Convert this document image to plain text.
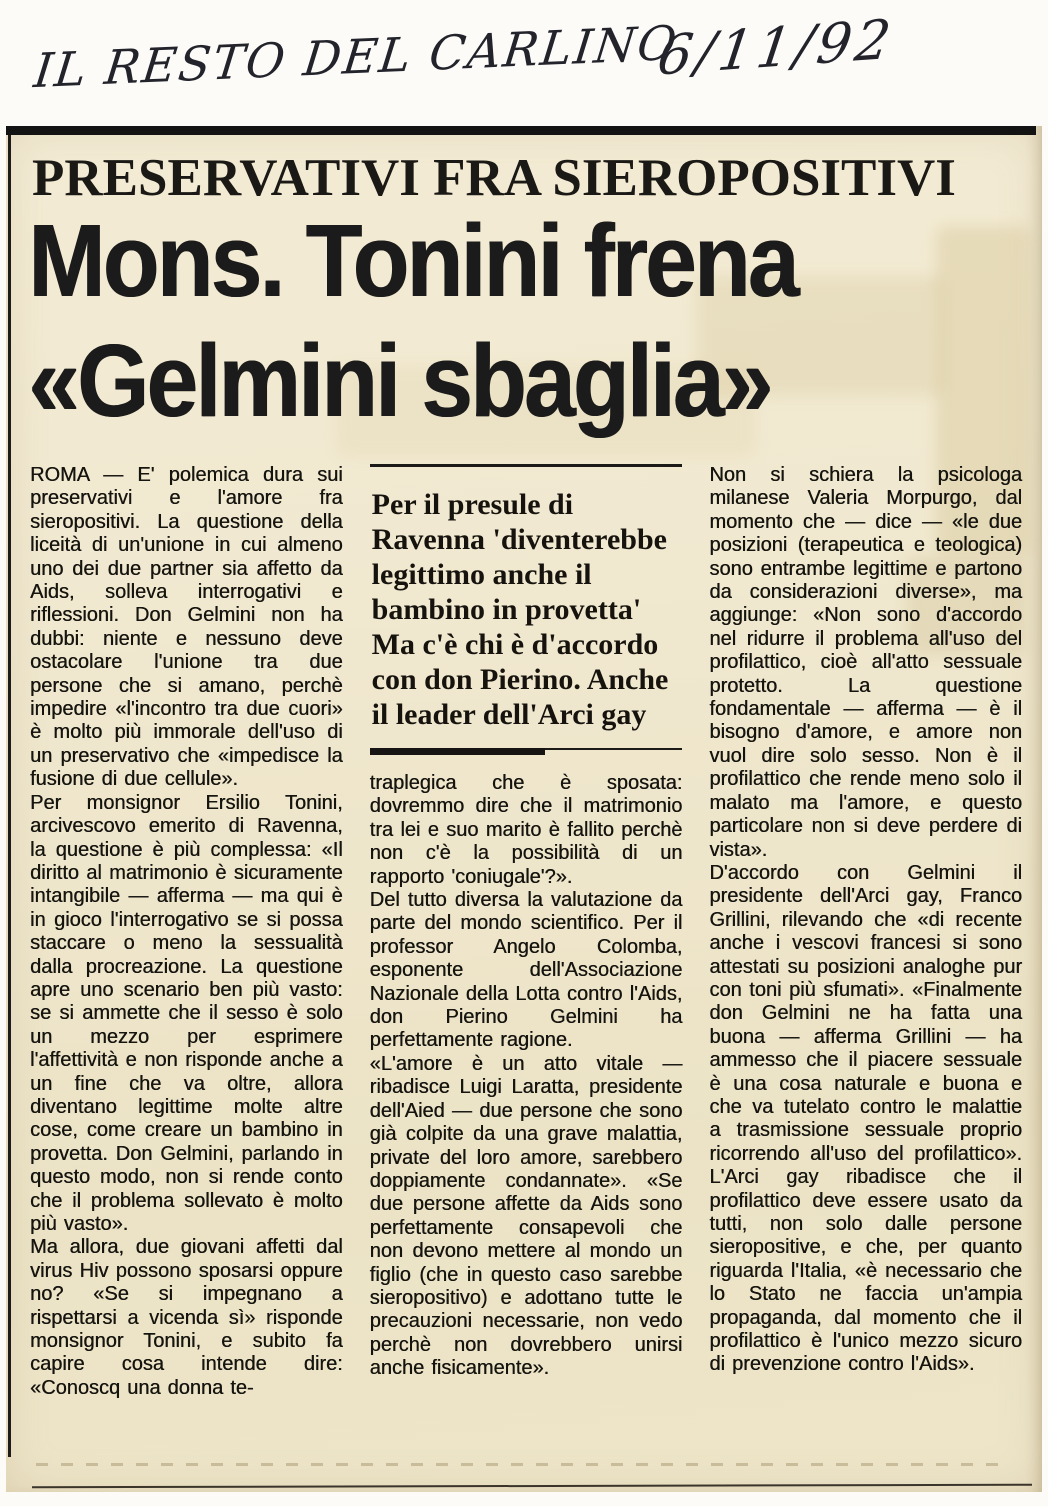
IL RESTO DEL CARLINO
6/11/92
PRESERVATIVI FRA SIEROPOSITIVI
Mons. Tonini frena
«Gelmini sbaglia»

ROMA — E' polemica dura sui preservativi e l'amore fra sieropositivi. La questione della liceità di un'unione in cui almeno uno dei due partner sia affetto da Aids, solleva interrogativi e riflessioni. Don Gelmini non ha dubbi: niente e nessuno deve ostacolare l'unione tra due persone che si amano, perchè impedire «l'incontro tra due cuori» è molto più immorale dell'uso di un preservativo che «impedisce la fusione di due cellule».

Per monsignor Ersilio Tonini, arcivescovo emerito di Ravenna, la questione è più complessa: «Il diritto al matrimonio è sicuramente intangibile — afferma — ma qui è in gioco l'interrogativo se si possa staccare o meno la sessualità dalla procreazione. La questione apre uno scenario ben più vasto: se si ammette che il sesso è solo un mezzo per esprimere l'affettività e non risponde anche a un fine che va oltre, allora diventano legittime molte altre cose, come creare un bambino in provetta. Don Gelmini, parlando in questo modo, non si rende conto che il problema sollevato è molto più vasto».

Ma allora, due giovani affetti dal virus Hiv possono sposarsi oppure no? «Se si impegnano a rispettarsi a vicenda sì» risponde monsignor Tonini, e subito fa capire cosa intende dire: «Conoscq una donna te-

Per il presule di Ravenna 'diventerebbe legittimo anche il bambino in provetta' Ma c'è chi è d'accordo con don Pierino. Anche il leader dell'Arci gay

traplegica che è sposata: dovremmo dire che il matrimonio tra lei e suo marito è fallito perchè non c'è la possibilità di un rapporto 'coniugale'?».

Del tutto diversa la valutazione da parte del mondo scientifico. Per il professor Angelo Colomba, esponente dell'Associazione Nazionale della Lotta contro l'Aids, don Pierino Gelmini ha perfettamente ragione.

«L'amore è un atto vitale — ribadisce Luigi Laratta, presidente dell'Aied — due persone che sono già colpite da una grave malattia, private del loro amore, sarebbero doppiamente condannate». «Se due persone affette da Aids sono perfettamente consapevoli che non devono mettere al mondo un figlio (che in questo caso sarebbe sieropositivo) e adottano tutte le precauzioni necessarie, non vedo perchè non dovrebbero unirsi anche fisicamente».

Non si schiera la psicologa milanese Valeria Morpurgo, dal momento che — dice — «le due posizioni (terapeutica e teologica) sono entrambe legittime e partono da considerazioni diverse», ma aggiunge: «Non sono d'accordo nel ridurre il problema all'uso del profilattico, cioè all'atto sessuale protetto. La questione fondamentale — afferma — è il bisogno d'amore, e amore non vuol dire solo sesso. Non è il profilattico che rende meno solo il malato ma l'amore, e questo particolare non si deve perdere di vista».

D'accordo con Gelmini il presidente dell'Arci gay, Franco Grillini, rilevando che «di recente anche i vescovi francesi si sono attestati su posizioni analoghe pur con toni più sfumati». «Finalmente don Gelmini ne ha fatta una buona — afferma Grillini — ha ammesso che il piacere sessuale è una cosa naturale e buona e che va tutelato contro le malattie a trasmissione sessuale proprio ricorrendo all'uso del profilattico». L'Arci gay ribadisce che il profilattico deve essere usato da tutti, non solo dalle persone sieropositive, e che, per quanto riguarda l'Italia, «è necessario che lo Stato ne faccia un'ampia propaganda, dal momento che il profilattico è l'unico mezzo sicuro di prevenzione contro l'Aids».
